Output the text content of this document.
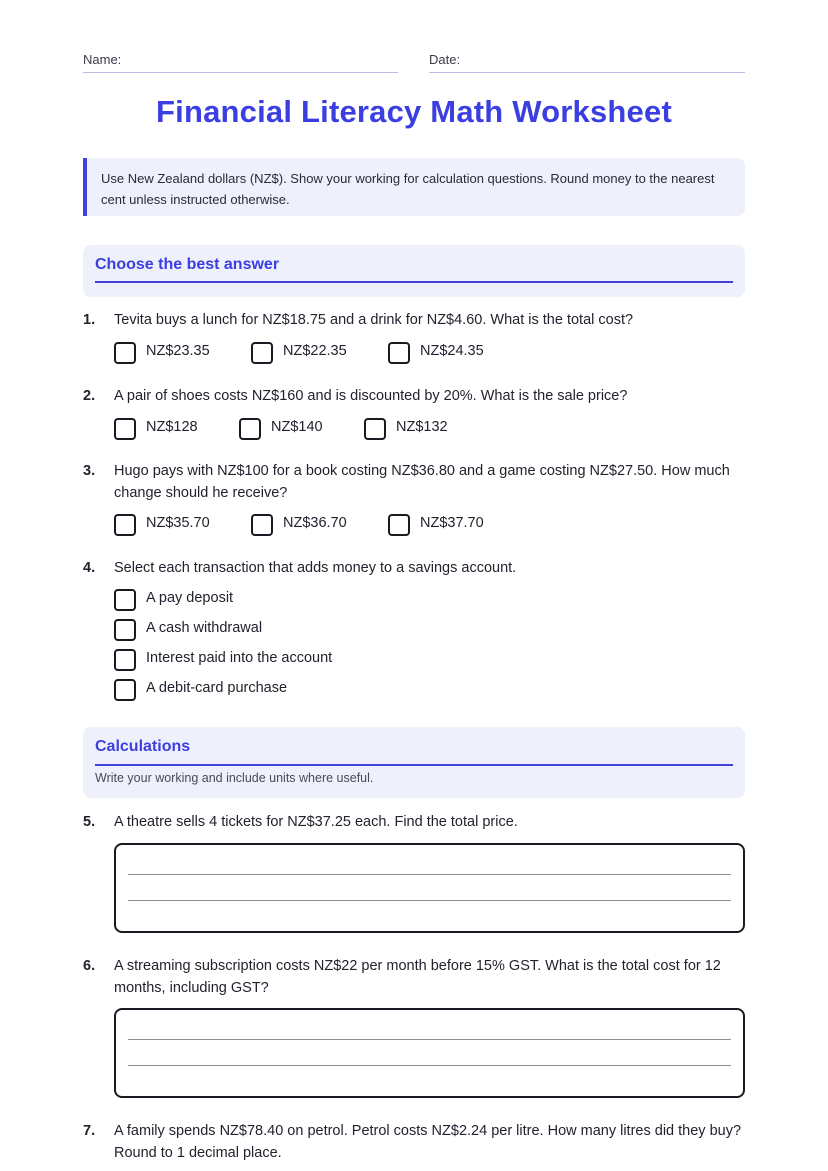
Name:	Date:
Financial Literacy Math Worksheet
Use New Zealand dollars (NZ$). Show your working for calculation questions. Round money to the nearest cent unless instructed otherwise.
Choose the best answer
1. Tevita buys a lunch for NZ$18.75 and a drink for NZ$4.60. What is the total cost?
NZ$23.35	NZ$22.35	NZ$24.35
2. A pair of shoes costs NZ$160 and is discounted by 20%. What is the sale price?
NZ$128	NZ$140	NZ$132
3. Hugo pays with NZ$100 for a book costing NZ$36.80 and a game costing NZ$27.50. How much change should he receive?
NZ$35.70	NZ$36.70	NZ$37.70
4. Select each transaction that adds money to a savings account.
A pay deposit
A cash withdrawal
Interest paid into the account
A debit-card purchase
Calculations
Write your working and include units where useful.
5. A theatre sells 4 tickets for NZ$37.25 each. Find the total price.
6. A streaming subscription costs NZ$22 per month before 15% GST. What is the total cost for 12 months, including GST?
7. A family spends NZ$78.40 on petrol. Petrol costs NZ$2.24 per litre. How many litres did they buy? Round to 1 decimal place.
